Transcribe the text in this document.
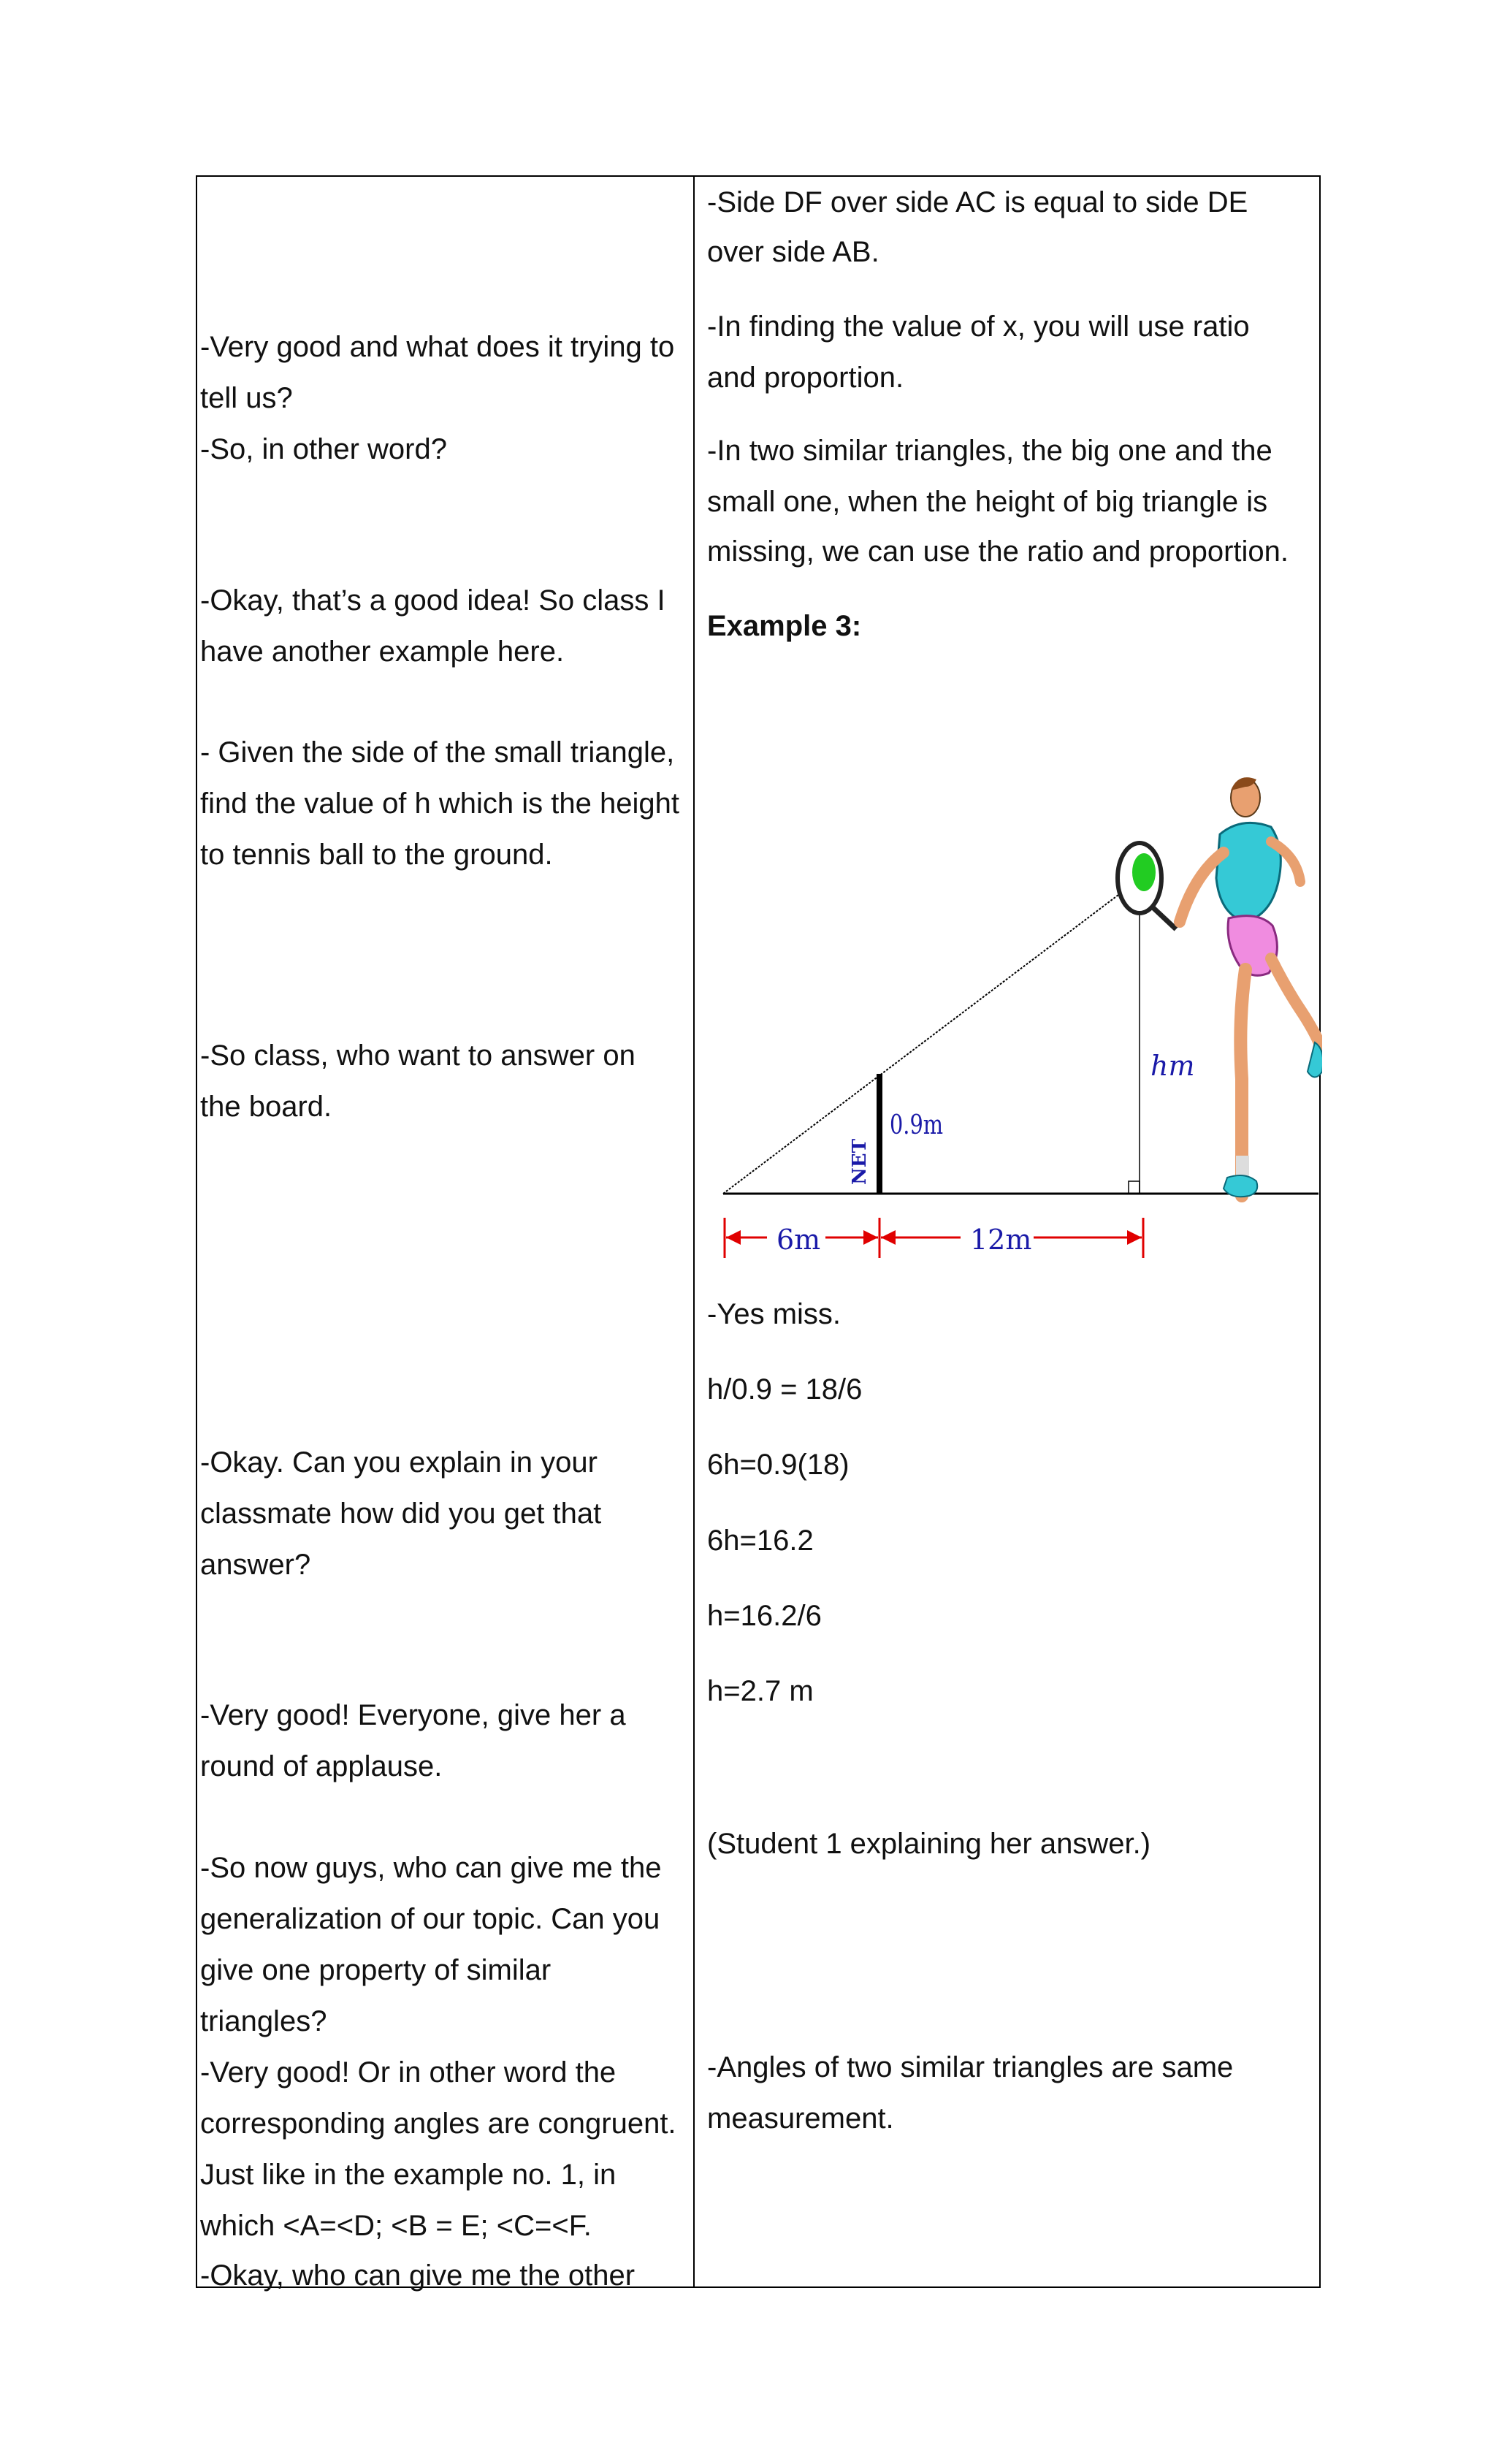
-Very good and what does it trying to
tell us?
-So, in other word?
-Okay, that’s a good idea! So class I
have another example here.
- Given the side of the small triangle,
find the value of h which is the height
to tennis ball to the ground.
-So class, who want to answer on
the board.
-Okay. Can you explain in your
classmate how did you get that
answer?
-Very good! Everyone, give her a
round of applause.
-So now guys, who can give me the
generalization of our topic. Can you
give one property of similar
triangles?
-Very good! Or in other word the
corresponding angles are congruent.
Just like in the example no. 1, in
which <A=<D; <B = E; <C=<F.
-Okay, who can give me the other
-Side DF over side AC is equal to side DE
over side AB.
-In finding the value of x, you will use ratio
and proportion.
-In two similar triangles, the big one and the
small one, when the height of big triangle is
missing, we can use the ratio and proportion.
Example 3:
-Yes miss.
h/0.9 = 18/6
6h=0.9(18)
6h=16.2
h=16.2/6
h=2.7 m
(Student 1 explaining her answer.)
-Angles of two similar triangles are same
measurement.
NET
0.9m
hm
6m	12m
